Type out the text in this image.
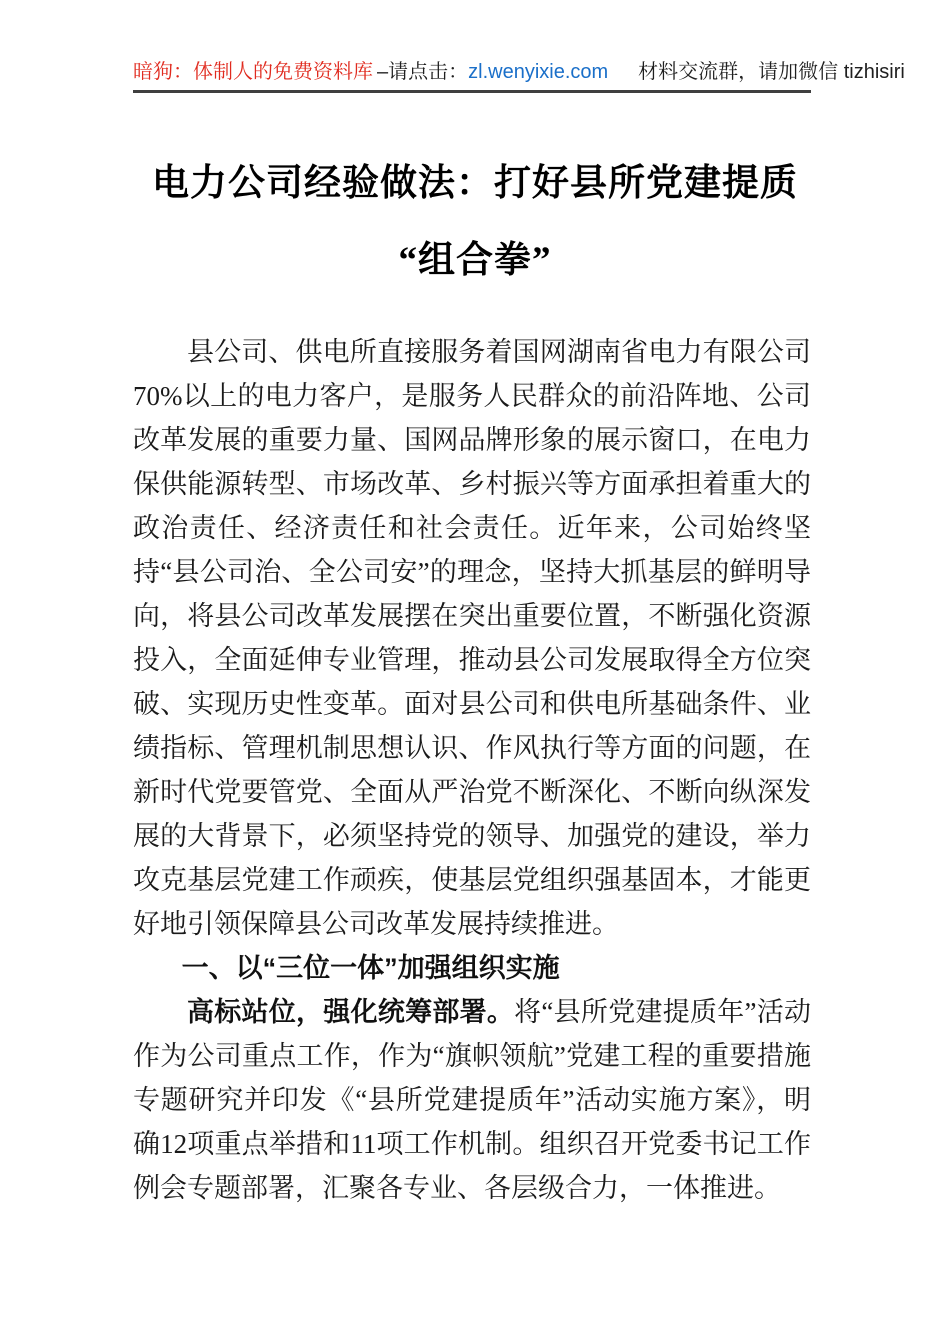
暗狗：体制人的免费资料库 –请点击：zl.wenyixie.com 材料交流群，请加微信 tizhisiri
电力公司经验做法：打好县所党建提质
“组合拳”

县公司、供电所直接服务着国网湖南省电力有限公司70%以上的电力客户，是服务人民群众的前沿阵地、公司改革发展的重要力量、国网品牌形象的展示窗口，在电力保供能源转型、市场改革、乡村振兴等方面承担着重大的政治责任、经济责任和社会责任。近年来，公司始终坚持“县公司治、全公司安”的理念，坚持大抓基层的鲜明导向，将县公司改革发展摆在突出重要位置，不断强化资源投入，全面延伸专业管理，推动县公司发展取得全方位突破、实现历史性变革。面对县公司和供电所基础条件、业绩指标、管理机制思想认识、作风执行等方面的问题，在新时代党要管党、全面从严治党不断深化、不断向纵深发展的大背景下，必须坚持党的领导、加强党的建设，举力攻克基层党建工作顽疾，使基层党组织强基固本，才能更好地引领保障县公司改革发展持续推进。

一、以“三位一体”加强组织实施

高标站位，强化统筹部署。将“县所党建提质年”活动作为公司重点工作，作为“旗帜领航”党建工程的重要措施专题研究并印发《“县所党建提质年”活动实施方案》，明确12项重点举措和11项工作机制。组织召开党委书记工作例会专题部署，汇聚各专业、各层级合力，一体推进。
